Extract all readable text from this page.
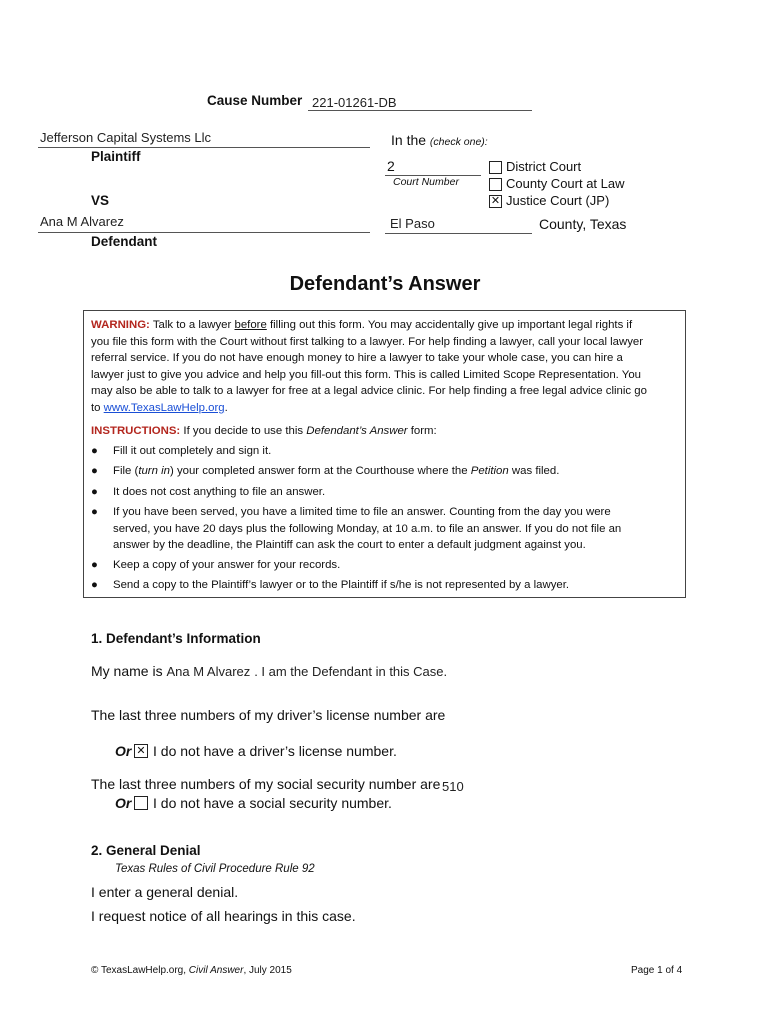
Cause Number 221-01261-DB
Jefferson Capital Systems Llc
Plaintiff
VS
Ana M Alvarez
Defendant
In the (check one):
2
Court Number
District Court
County Court at Law
✕ Justice Court (JP)
El Paso	County, Texas
Defendant’s Answer
WARNING: Talk to a lawyer before filling out this form. You may accidentally give up important legal rights if
you file this form with the Court without first talking to a lawyer. For help finding a lawyer, call your local lawyer
referral service. If you do not have enough money to hire a lawyer to take your whole case, you can hire a
lawyer just to give you advice and help you fill-out this form. This is called Limited Scope Representation. You
may also be able to talk to a lawyer for free at a legal advice clinic. For help finding a free legal advice clinic go
to www.TexasLawHelp.org.
INSTRUCTIONS: If you decide to use this Defendant’s Answer form:
● Fill it out completely and sign it.
● File (turn in) your completed answer form at the Courthouse where the Petition was filed.
● It does not cost anything to file an answer.
● If you have been served, you have a limited time to file an answer. Counting from the day you were
served, you have 20 days plus the following Monday, at 10 a.m. to file an answer. If you do not file an
answer by the deadline, the Plaintiff can ask the court to enter a default judgment against you.
● Keep a copy of your answer for your records.
● Send a copy to the Plaintiff’s lawyer or to the Plaintiff if s/he is not represented by a lawyer.
1. Defendant’s Information
My name is Ana M Alvarez . I am the Defendant in this Case.
The last three numbers of my driver’s license number are
Or ✕ I do not have a driver’s license number.
The last three numbers of my social security number are 510
Or I do not have a social security number.
2. General Denial
Texas Rules of Civil Procedure Rule 92
I enter a general denial.
I request notice of all hearings in this case.
© TexasLawHelp.org, Civil Answer, July 2015	Page 1 of 4
